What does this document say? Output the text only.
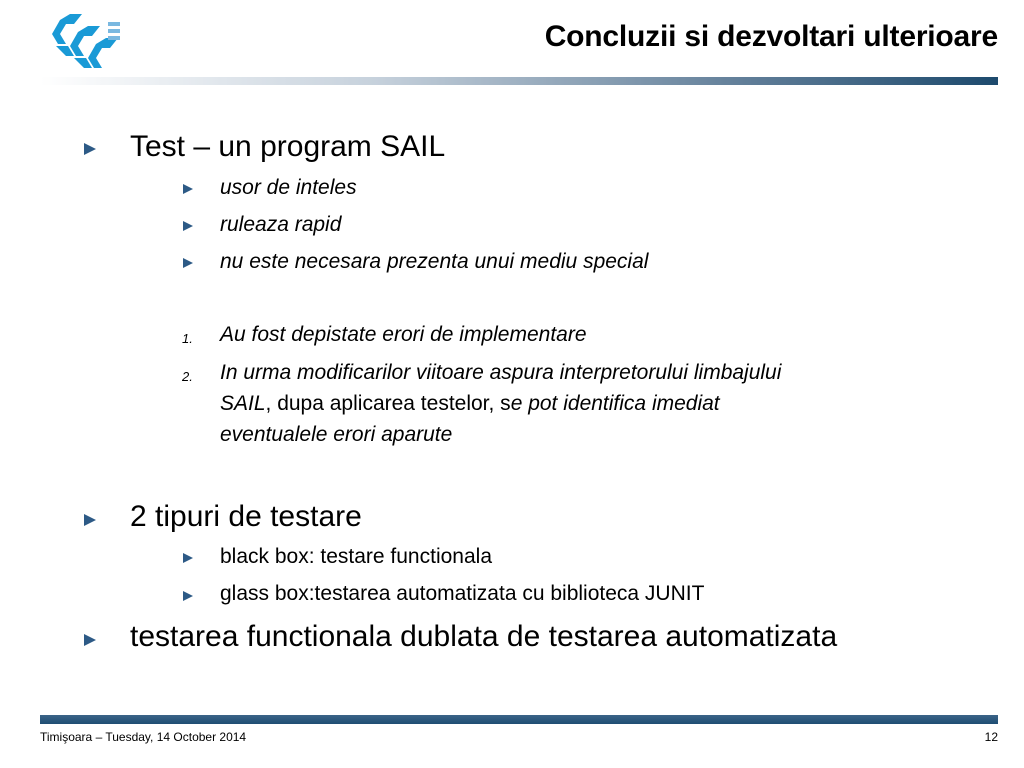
Concluzii si dezvoltari ulterioare
Test – un program SAIL
usor de inteles
ruleaza rapid
nu este necesara prezenta unui mediu special
1. Au fost depistate erori de implementare
2. In urma modificarilor viitoare aspura interpretorului limbajului
SAIL, dupa aplicarea testelor, se pot identifica imediat
eventualele erori aparute
2 tipuri de testare
black box: testare functionala
glass box:testarea automatizata cu biblioteca JUNIT
testarea functionala dublata de testarea automatizata
Timişoara – Tuesday, 14 October 2014	12
